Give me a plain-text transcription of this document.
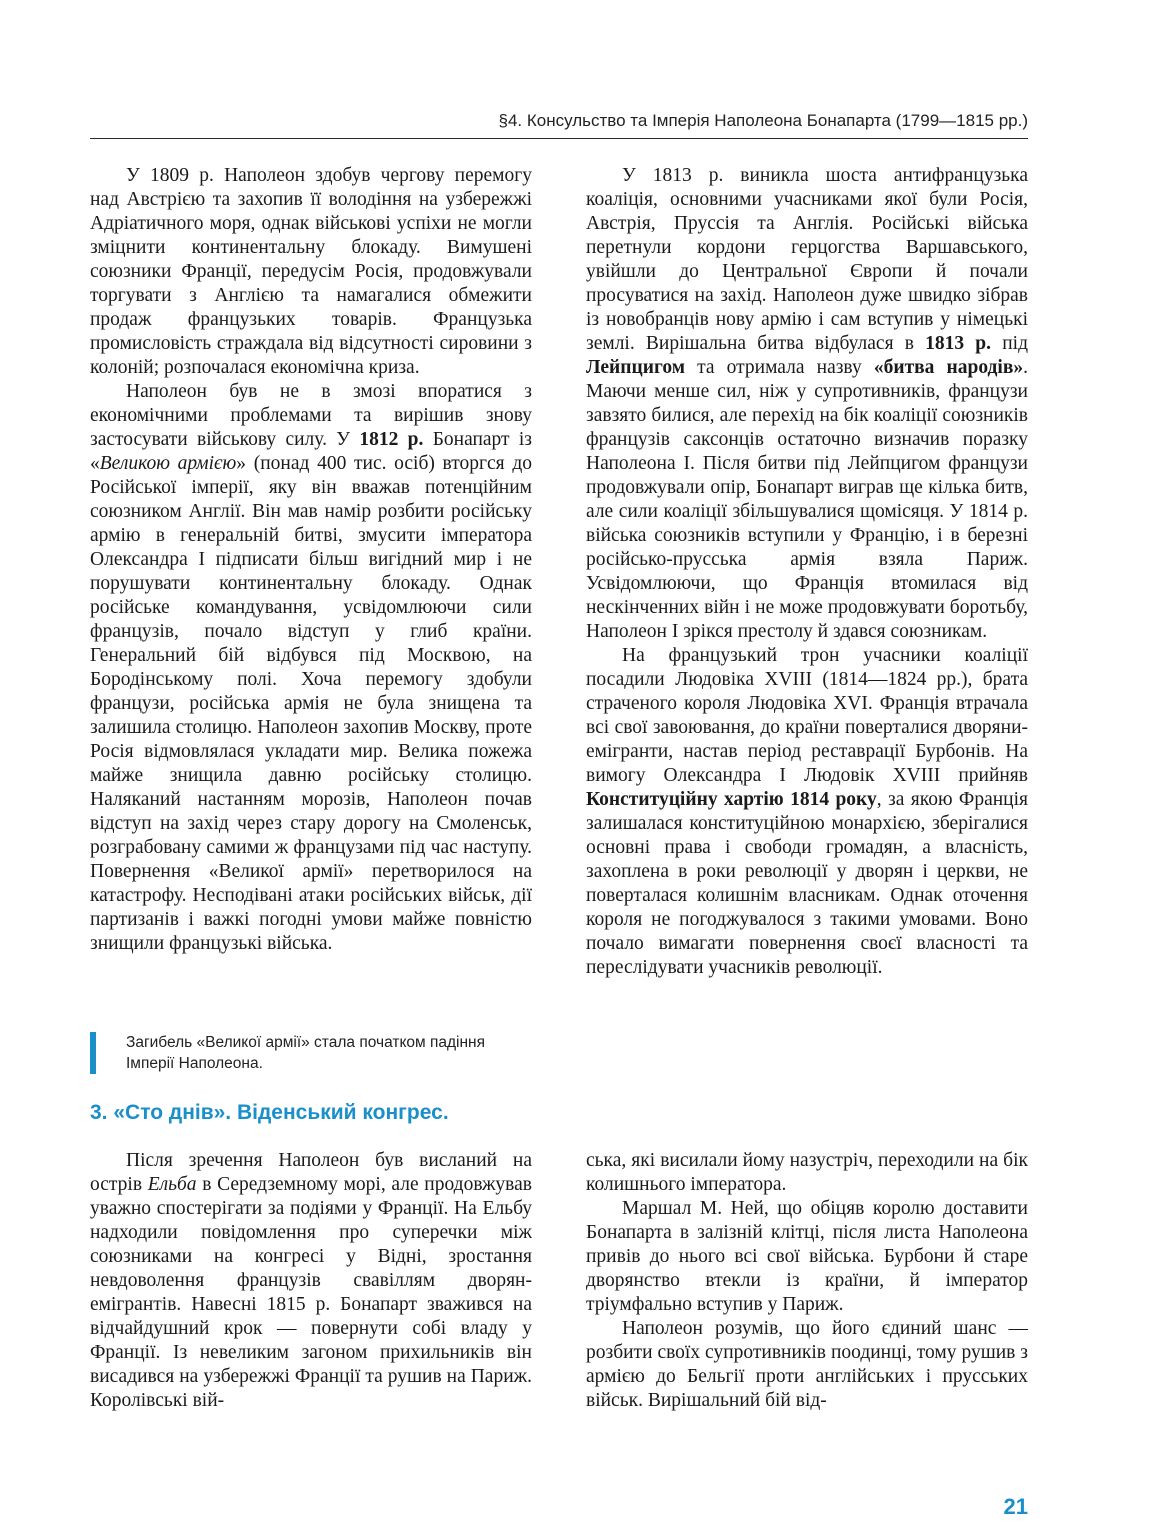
§4. Консульство та Імперія Наполеона Бонапарта (1799—1815 рр.)

У 1809 р. Наполеон здобув чергову перемогу над Австрією та захопив її володіння на узбережжі Адріатичного моря, однак військові успіхи не могли зміцнити континентальну блокаду. Вимушені союзники Франції, передусім Росія, продовжували торгувати з Англією та намагалися обмежити продаж французьких товарів. Французька промисловість страждала від відсутності сировини з колоній; розпочалася економічна криза.

Наполеон був не в змозі впоратися з економічними проблемами та вирішив знову застосувати військову силу. У 1812 р. Бонапарт із «Великою армією» (понад 400 тис. осіб) вторгся до Російської імперії, яку він вважав потенційним союзником Англії. Він мав намір розбити російську армію в генеральній битві, змусити імператора Олександра I підписати більш вигідний мир і не порушувати континентальну блокаду. Однак російське командування, усвідомлюючи сили французів, почало відступ у глиб країни. Генеральний бій відбувся під Москвою, на Бородінському полі. Хоча перемогу здобули французи, російська армія не була знищена та залишила столицю. Наполеон захопив Москву, проте Росія відмовлялася укладати мир. Велика пожежа майже знищила давню російську столицю. Наляканий настанням морозів, Наполеон почав відступ на захід через стару дорогу на Смоленськ, розграбовану самими ж французами під час наступу. Повернення «Великої армії» перетворилося на катастрофу. Несподівані атаки російських військ, дії партизанів і важкі погодні умови майже повністю знищили французькі війська.

Загибель «Великої армії» стала початком падіння Імперії Наполеона.

У 1813 р. виникла шоста антифранцузька коаліція, основними учасниками якої були Росія, Австрія, Пруссія та Англія. Російські війська перетнули кордони герцогства Варшавського, увійшли до Центральної Європи й почали просуватися на захід. Наполеон дуже швидко зібрав із новобранців нову армію і сам вступив у німецькі землі. Вирішальна битва відбулася в 1813 р. під Лейпцигом та отримала назву «битва народів». Маючи менше сил, ніж у супротивників, французи завзято билися, але перехід на бік коаліції союзників французів саксонців остаточно визначив поразку Наполеона I. Після битви під Лейпцигом французи продовжували опір, Бонапарт виграв ще кілька битв, але сили коаліції збільшувалися щомісяця. У 1814 р. війська союзників вступили у Францію, і в березні російсько-прусська армія взяла Париж. Усвідомлюючи, що Франція втомилася від нескінченних війн і не може продовжувати боротьбу, Наполеон I зрікся престолу й здався союзникам.

На французький трон учасники коаліції посадили Людовіка XVIII (1814—1824 рр.), брата страченого короля Людовіка XVI. Франція втрачала всі свої завоювання, до країни поверталися дворяни-емігранти, настав період реставрації Бурбонів. На вимогу Олександра I Людовік XVIII прийняв Конституційну хартію 1814 року, за якою Франція залишалася конституційною монархією, зберігалися основні права і свободи громадян, а власність, захоплена в роки революції у дворян і церкви, не поверталася колишнім власникам. Однак оточення короля не погоджувалося з такими умовами. Воно почало вимагати повернення своєї власності та переслідувати учасників революції.

3. «Сто днів». Віденський конгрес.

Після зречення Наполеон був висланий на острів Ельба в Середземному морі, але продовжував уважно спостерігати за подіями у Франції. На Ельбу надходили повідомлення про суперечки між союзниками на конгресі у Відні, зростання невдоволення французів свавіллям дворян-емігрантів. Навесні 1815 р. Бонапарт зважився на відчайдушний крок — повернути собі владу у Франції. Із невеликим загоном прихильників він висадився на узбережжі Франції та рушив на Париж. Королівські вій-

ська, які висилали йому назустріч, переходили на бік колишнього імператора.

Маршал М. Ней, що обіцяв королю доставити Бонапарта в залізній клітці, після листа Наполеона привів до нього всі свої війська. Бурбони й старе дворянство втекли із країни, й імператор тріумфально вступив у Париж.

Наполеон розумів, що його єдиний шанс — розбити своїх супротивників поодинці, тому рушив з армією до Бельгії проти англійських і прусських військ. Вирішальний бій від-

21
